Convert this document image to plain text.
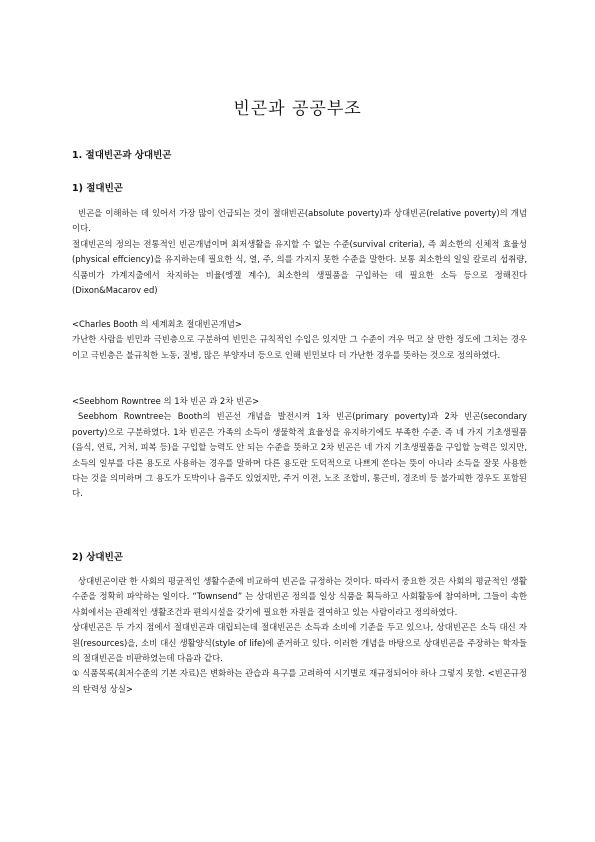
빈곤과 공공부조
1. 절대빈곤과 상대빈곤
1) 절대빈곤

빈곤을 이해하는 데 있어서 가장 많이 언급되는 것이 절대빈곤(absolute poverty)과 상대빈곤(relative poverty)의 개념이다.

절대빈곤의 정의는 전통적인 빈곤개념이며 최저생활을 유지할 수 없는 수준(survival criteria), 즉 최소한의 신체적 효율성(physical effciency)을 유지하는데 필요한 식, 열, 주, 의를 가지지 못한 수준을 말한다. 보통 최소한의 일일 칼로리 섭취량, 식품비가 가계지출에서 차지하는 비율(엥겔 계수), 최소한의 생필품을 구입하는 데 필요한 소득 등으로 정해진다(Dixon&Macarov ed)

<Charles Booth 의 세계최초 절대빈곤개념>

가난한 사람을 빈민과 극빈층으로 구분하여 빈민은 규칙적인 수입은 있지만 그 수준이 겨우 먹고 살 만한 정도에 그치는 경우이고 극빈층은 불규칙한 노동, 질병, 많은 부양자녀 등으로 인해 빈민보다 더 가난한 경우를 뜻하는 것으로 정의하였다.

<Seebhom Rowntree 의 1차 빈곤 과 2차 빈곤>

Seebhom Rowntree는 Booth의 빈곤선 개념을 발전시켜 1차 빈곤(primary poverty)과 2차 빈곤(secondary poverty)으로 구분하였다. 1차 빈곤은 가족의 소득이 생물학적 효율성을 유지하기에도 부족한 수준. 즉 네 가지 기초생필품(음식, 연료, 거처, 피복 등)을 구입할 능력도 안 되는 수준을 뜻하고 2차 빈곤은 네 가지 기초생필품을 구입할 능력은 있지만, 소득의 일부를 다른 용도로 사용하는 경우를 말하며 다른 용도란 도덕적으로 나쁘게 쓴다는 뜻이 아니라 소득을 잘못 사용한다는 것을 의미하며 그 용도가 도박이나 음주도 있었지만, 주거 이전, 노조 조합비, 통근비, 경조비 등 불가피한 경우도 포함된다.

2) 상대빈곤

상대빈곤이란 한 사회의 평균적인 생활수준에 비교하여 빈곤을 규정하는 것이다. 따라서 중요한 것은 사회의 평균적인 생활수준을 정확히 파악하는 일이다. “Townsend” 는 상대빈곤 정의를 일상 식품을 획득하고 사회활동에 참여하며, 그들이 속한 사회에서는 관례적인 생활조건과 편의시설을 갖기에 필요한 자원을 결여하고 있는 사람이라고 정의하였다.

상대빈곤은 두 가지 점에서 절대빈곤과 대립되는데 절대빈곤은 소득과 소비에 기준을 두고 있으나, 상대빈곤은 소득 대신 자원(resources)을, 소비 대신 생활양식(style of life)에 준거하고 있다. 이러한 개념을 바탕으로 상대빈곤을 주장하는 학자들의 절대빈곤을 비판하였는데 다음과 같다.

① 식품목록(최저수준의 기본 자료)은 변화하는 관습과 욕구를 고려하여 시기별로 재규정되어야 하나 그렇지 못함. <빈곤규정의 탄력성 상실>
